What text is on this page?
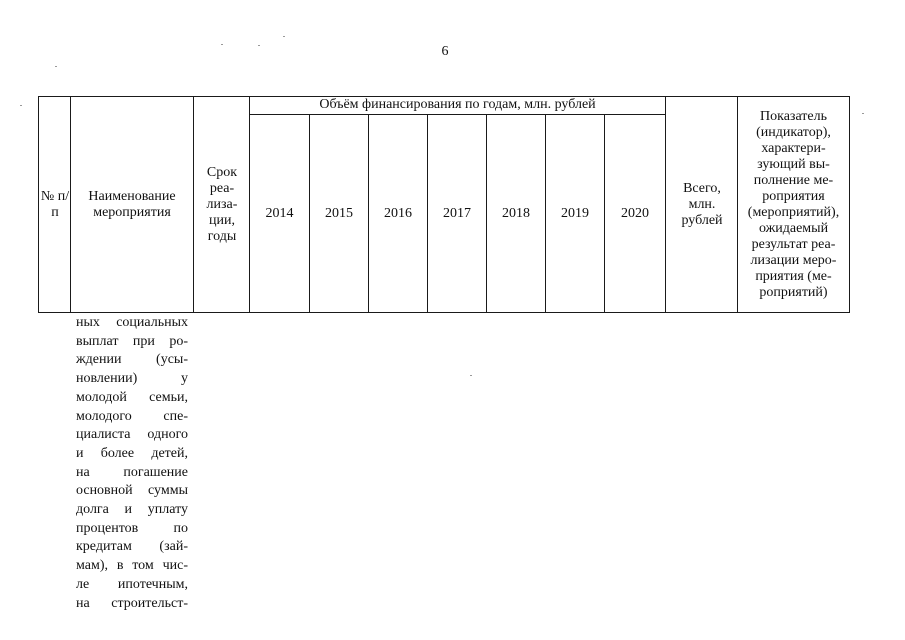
6
№ п/п
Наименование мероприятия
Срок реа-лиза-ции, годы
Объём финансирования по годам, млн. рублей
2014 2015 2016 2017 2018 2019 2020
Всего, млн. рублей
Показатель (индикатор), характери-зующий вы-полнение ме-роприятия (мероприятий), ожидаемый результат реа-лизации меро-приятия (ме-роприятий)
ных социальных
выплат при ро-
ждении (усы-
новлении) у
молодой семьи,
молодого спе-
циалиста одного
и более детей,
на погашение
основной суммы
долга и уплату
процентов по
кредитам (зай-
мам), в том чис-
ле ипотечным,
на строительст-
